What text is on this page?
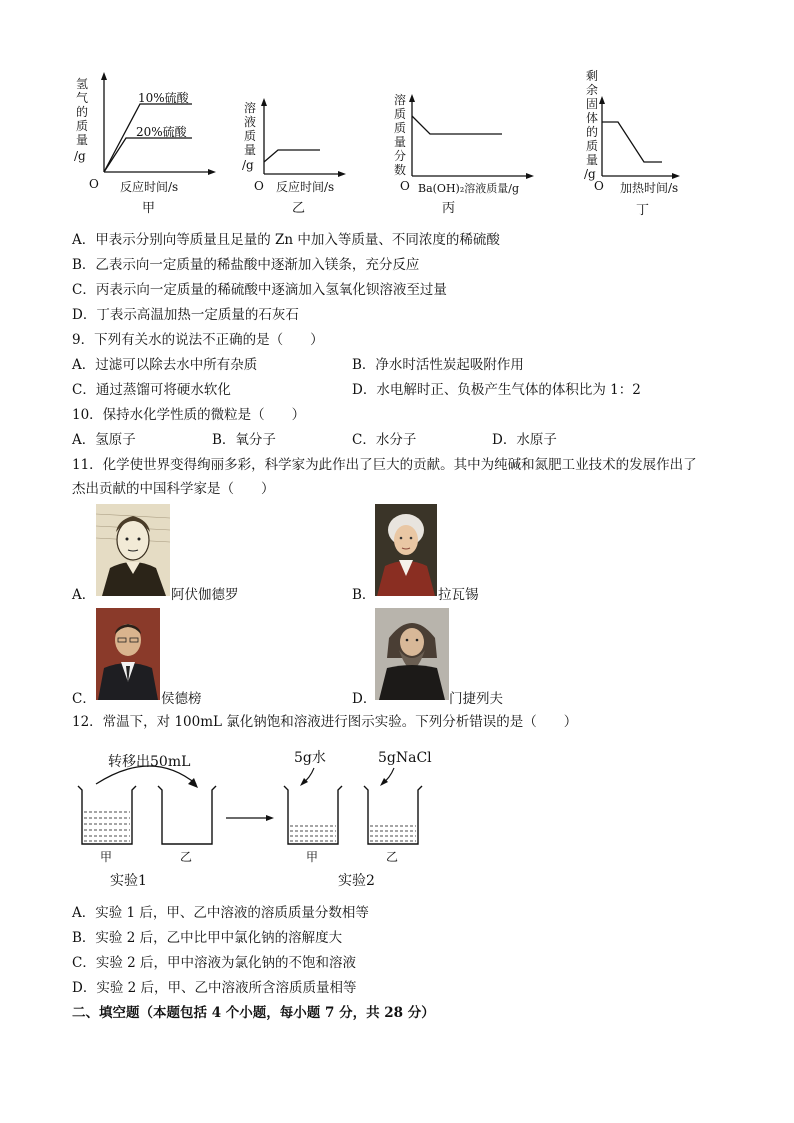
氢
气
的
质
量
/g
10%硫酸
20%硫酸
O 反应时间/s
甲
溶
液
质
量
/g
O 反应时间/s
乙
溶
质
质
量
分
数
O Ba(OH)₂溶液质量/g
丙
剩
余
固
体
的
质
量
/g
O 加热时间/s
丁
A．甲表示分别向等质量且足量的 Zn 中加入等质量、不同浓度的稀硫酸
B．乙表示向一定质量的稀盐酸中逐渐加入镁条，充分反应
C．丙表示向一定质量的稀硫酸中逐滴加入氢氧化钡溶液至过量
D．丁表示高温加热一定质量的石灰石
9．下列有关水的说法不正确的是（　　）
A．过滤可以除去水中所有杂质	B．净水时活性炭起吸附作用
C．通过蒸馏可将硬水软化	D．水电解时正、负极产生气体的体积比为 1：2
10．保持水化学性质的微粒是（　　）
A．氢原子	B．氧分子	C．水分子	D．水原子
11．化学使世界变得绚丽多彩，科学家为此作出了巨大的贡献。其中为纯碱和氮肥工业技术的发展作出了
杰出贡献的中国科学家是（　　）
A．	阿伏伽德罗	B．	拉瓦锡
C．	侯德榜	D．	门捷列夫
12．常温下，对 100mL 氯化钠饱和溶液进行图示实验。下列分析错误的是（　　）
转移出50mL
甲	乙
实验1
5g水
甲
5gNaCl
乙
实验2
A．实验 1 后，甲、乙中溶液的溶质质量分数相等
B．实验 2 后，乙中比甲中氯化钠的溶解度大
C．实验 2 后，甲中溶液为氯化钠的不饱和溶液
D．实验 2 后，甲、乙中溶液所含溶质质量相等
二、填空题（本题包括 4 个小题，每小题 7 分，共 28 分）
